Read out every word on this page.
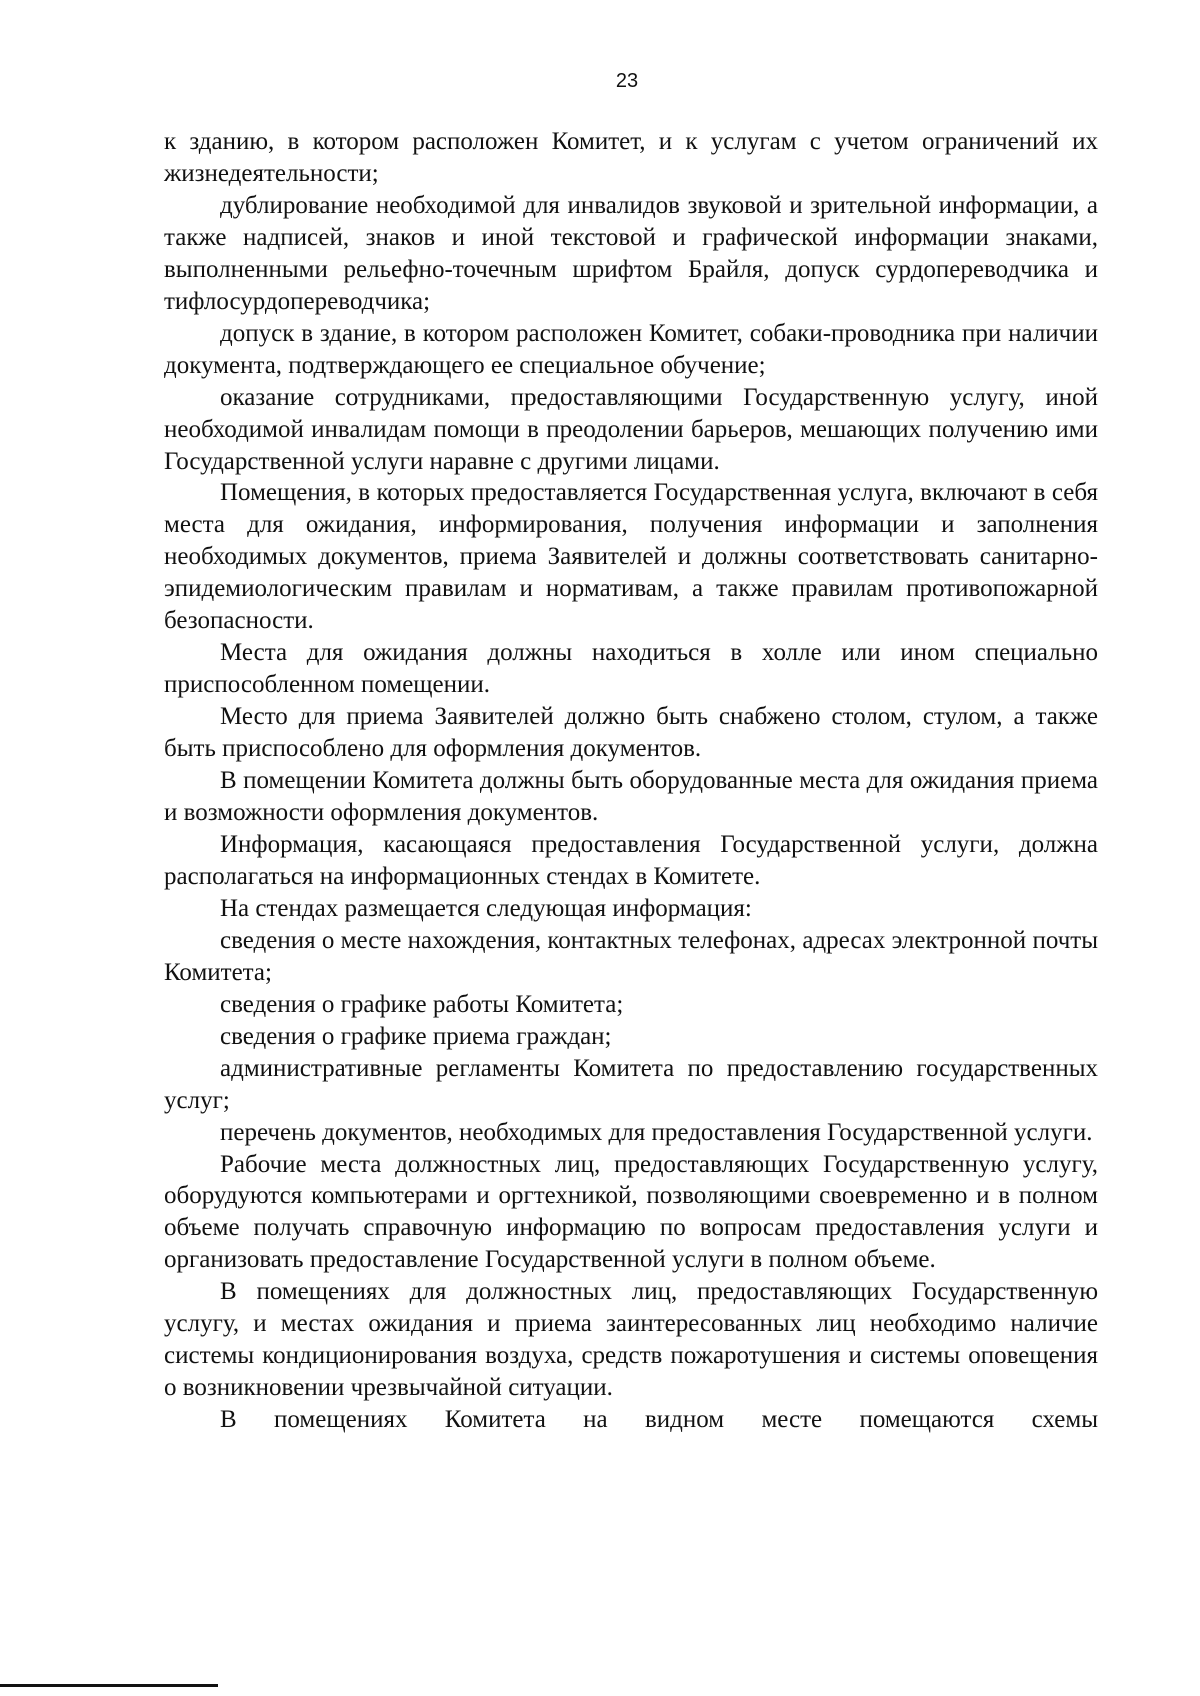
23

к зданию, в котором расположен Комитет, и к услугам с учетом ограничений их жизнедеятельности;

дублирование необходимой для инвалидов звуковой и зрительной информации, а также надписей, знаков и иной текстовой и графической информации знаками, выполненными рельефно-точечным шрифтом Брайля, допуск сурдопереводчика и тифлосурдопереводчика;

допуск в здание, в котором расположен Комитет, собаки-проводника при наличии документа, подтверждающего ее специальное обучение;

оказание сотрудниками, предоставляющими Государственную услугу, иной необходимой инвалидам помощи в преодолении барьеров, мешающих получению ими Государственной услуги наравне с другими лицами.

Помещения, в которых предоставляется Государственная услуга, включают в себя места для ожидания, информирования, получения информации и заполнения необходимых документов, приема Заявителей и должны соответствовать санитарно-эпидемиологическим правилам и нормативам, а также правилам противопожарной безопасности.

Места для ожидания должны находиться в холле или ином специально приспособленном помещении.

Место для приема Заявителей должно быть снабжено столом, стулом, а также быть приспособлено для оформления документов.

В помещении Комитета должны быть оборудованные места для ожидания приема и возможности оформления документов.

Информация, касающаяся предоставления Государственной услуги, должна располагаться на информационных стендах в Комитете.

На стендах размещается следующая информация:

сведения о месте нахождения, контактных телефонах, адресах электронной почты Комитета;

сведения о графике работы Комитета;

сведения о графике приема граждан;

административные регламенты Комитета по предоставлению государственных услуг;

перечень документов, необходимых для предоставления Государственной услуги.

Рабочие места должностных лиц, предоставляющих Государственную услугу, оборудуются компьютерами и оргтехникой, позволяющими своевременно и в полном объеме получать справочную информацию по вопросам предоставления услуги и организовать предоставление Государственной услуги в полном объеме.

В помещениях для должностных лиц, предоставляющих Государственную услугу, и местах ожидания и приема заинтересованных лиц необходимо наличие системы кондиционирования воздуха, средств пожаротушения и системы оповещения о возникновении чрезвычайной ситуации.

В помещениях Комитета на видном месте помещаются схемы
